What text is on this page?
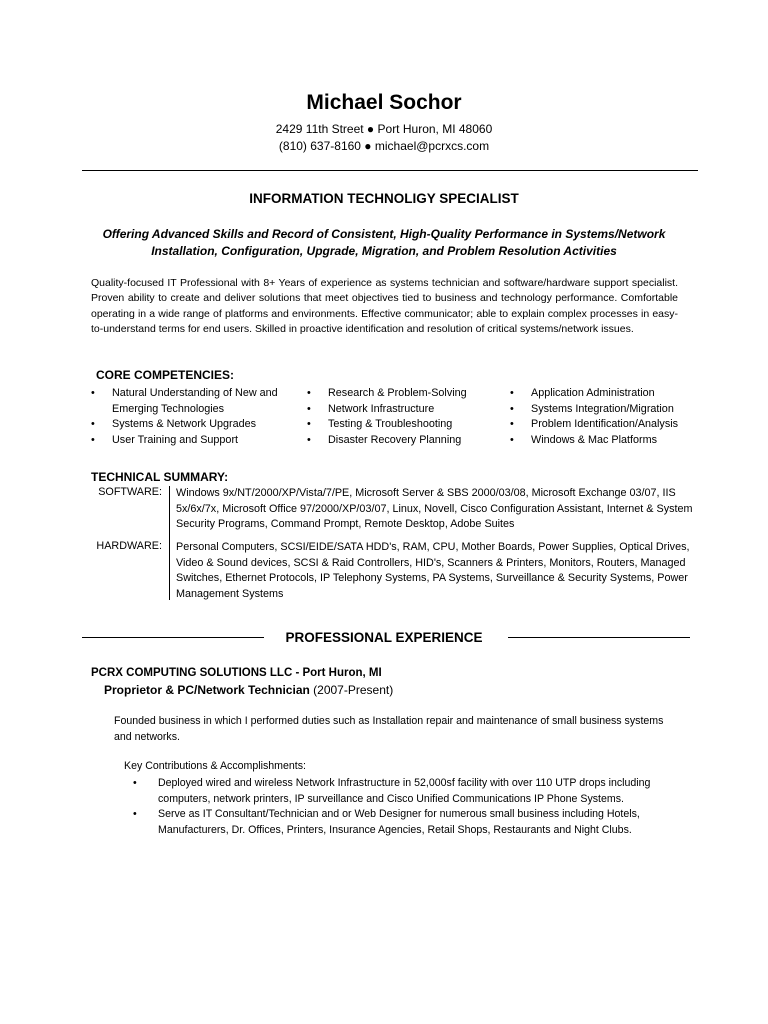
Michael Sochor
2429 11th Street ● Port Huron, MI 48060
(810) 637-8160 ● michael@pcrxcs.com
INFORMATION TECHNOLIGY SPECIALIST
Offering Advanced Skills and Record of Consistent, High-Quality Performance in Systems/Network
Installation, Configuration, Upgrade, Migration, and Problem Resolution Activities
Quality-focused IT Professional with 8+ Years of experience as systems technician and software/hardware support specialist. Proven ability to create and deliver solutions that meet objectives tied to business and technology performance. Comfortable operating in a wide range of platforms and environments. Effective communicator; able to explain complex processes in easy-to-understand terms for end users. Skilled in proactive identification and resolution of critical systems/network issues.
CORE COMPETENCIES:
• Natural Understanding of New and Emerging Technologies
• Systems & Network Upgrades
• User Training and Support
• Research & Problem-Solving
• Network Infrastructure
• Testing & Troubleshooting
• Disaster Recovery Planning
• Application Administration
• Systems Integration/Migration
• Problem Identification/Analysis
• Windows & Mac Platforms
TECHNICAL SUMMARY:
SOFTWARE: Windows 9x/NT/2000/XP/Vista/7/PE, Microsoft Server & SBS 2000/03/08, Microsoft Exchange 03/07, IIS 5x/6x/7x, Microsoft Office 97/2000/XP/03/07, Linux, Novell, Cisco Configuration Assistant, Internet & System Security Programs, Command Prompt, Remote Desktop, Adobe Suites
HARDWARE: Personal Computers, SCSI/EIDE/SATA HDD's, RAM, CPU, Mother Boards, Power Supplies, Optical Drives, Video & Sound devices, SCSI & Raid Controllers, HID's, Scanners & Printers, Monitors, Routers, Managed Switches, Ethernet Protocols, IP Telephony Systems, PA Systems, Surveillance & Security Systems, Power Management Systems
PROFESSIONAL EXPERIENCE
PCRX COMPUTING SOLUTIONS LLC - Port Huron, MI
Proprietor & PC/Network Technician (2007-Present)
Founded business in which I performed duties such as Installation repair and maintenance of small business systems and networks.
Key Contributions & Accomplishments:
• Deployed wired and wireless Network Infrastructure in 52,000sf facility with over 110 UTP drops including computers, network printers, IP surveillance and Cisco Unified Communications IP Phone Systems.
• Serve as IT Consultant/Technician and or Web Designer for numerous small business including Hotels, Manufacturers, Dr. Offices, Printers, Insurance Agencies, Retail Shops, Restaurants and Night Clubs.
